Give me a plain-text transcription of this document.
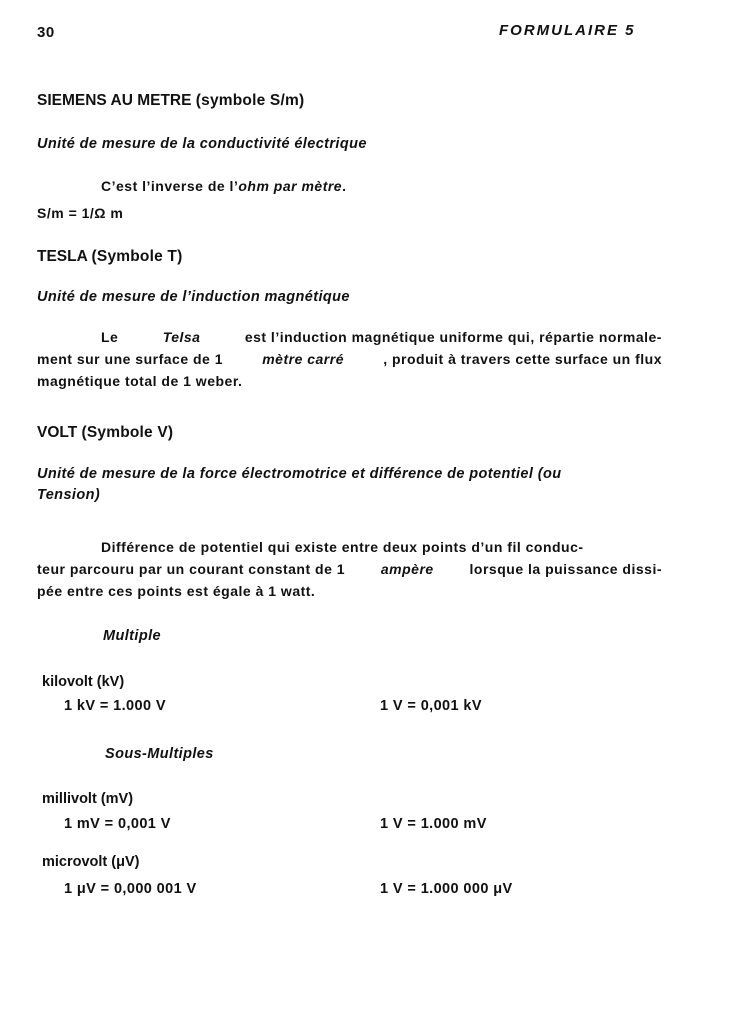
30	FORMULAIRE 5
SIEMENS AU METRE (symbole S/m)
Unité de mesure de la conductivité électrique
C’est l’inverse de l’ohm par mètre.
S/m = 1/Ω m
TESLA (Symbole T)
Unité de mesure de l’induction magnétique
Le	Telsa	est l’induction magnétique uniforme qui, répartie normale-
ment sur une surface de 1	mètre carré	, produit à travers cette surface un flux
magnétique total de 1 weber.
VOLT (Symbole V)
Unité de mesure de la force électromotrice et différence de potentiel (ou
Tension)
Différence de potentiel qui existe entre deux points d’un fil conduc-
teur parcouru par un courant constant de 1	ampère	lorsque la puissance dissi-
pée entre ces points est égale à 1 watt.
Multiple
kilovolt (kV)
1 kV = 1.000 V	1 V = 0,001 kV
Sous-Multiples
millivolt (mV)
1 mV = 0,001 V	1 V = 1.000 mV
microvolt (μV)
1 μV = 0,000 001 V	1 V = 1.000 000 μV
